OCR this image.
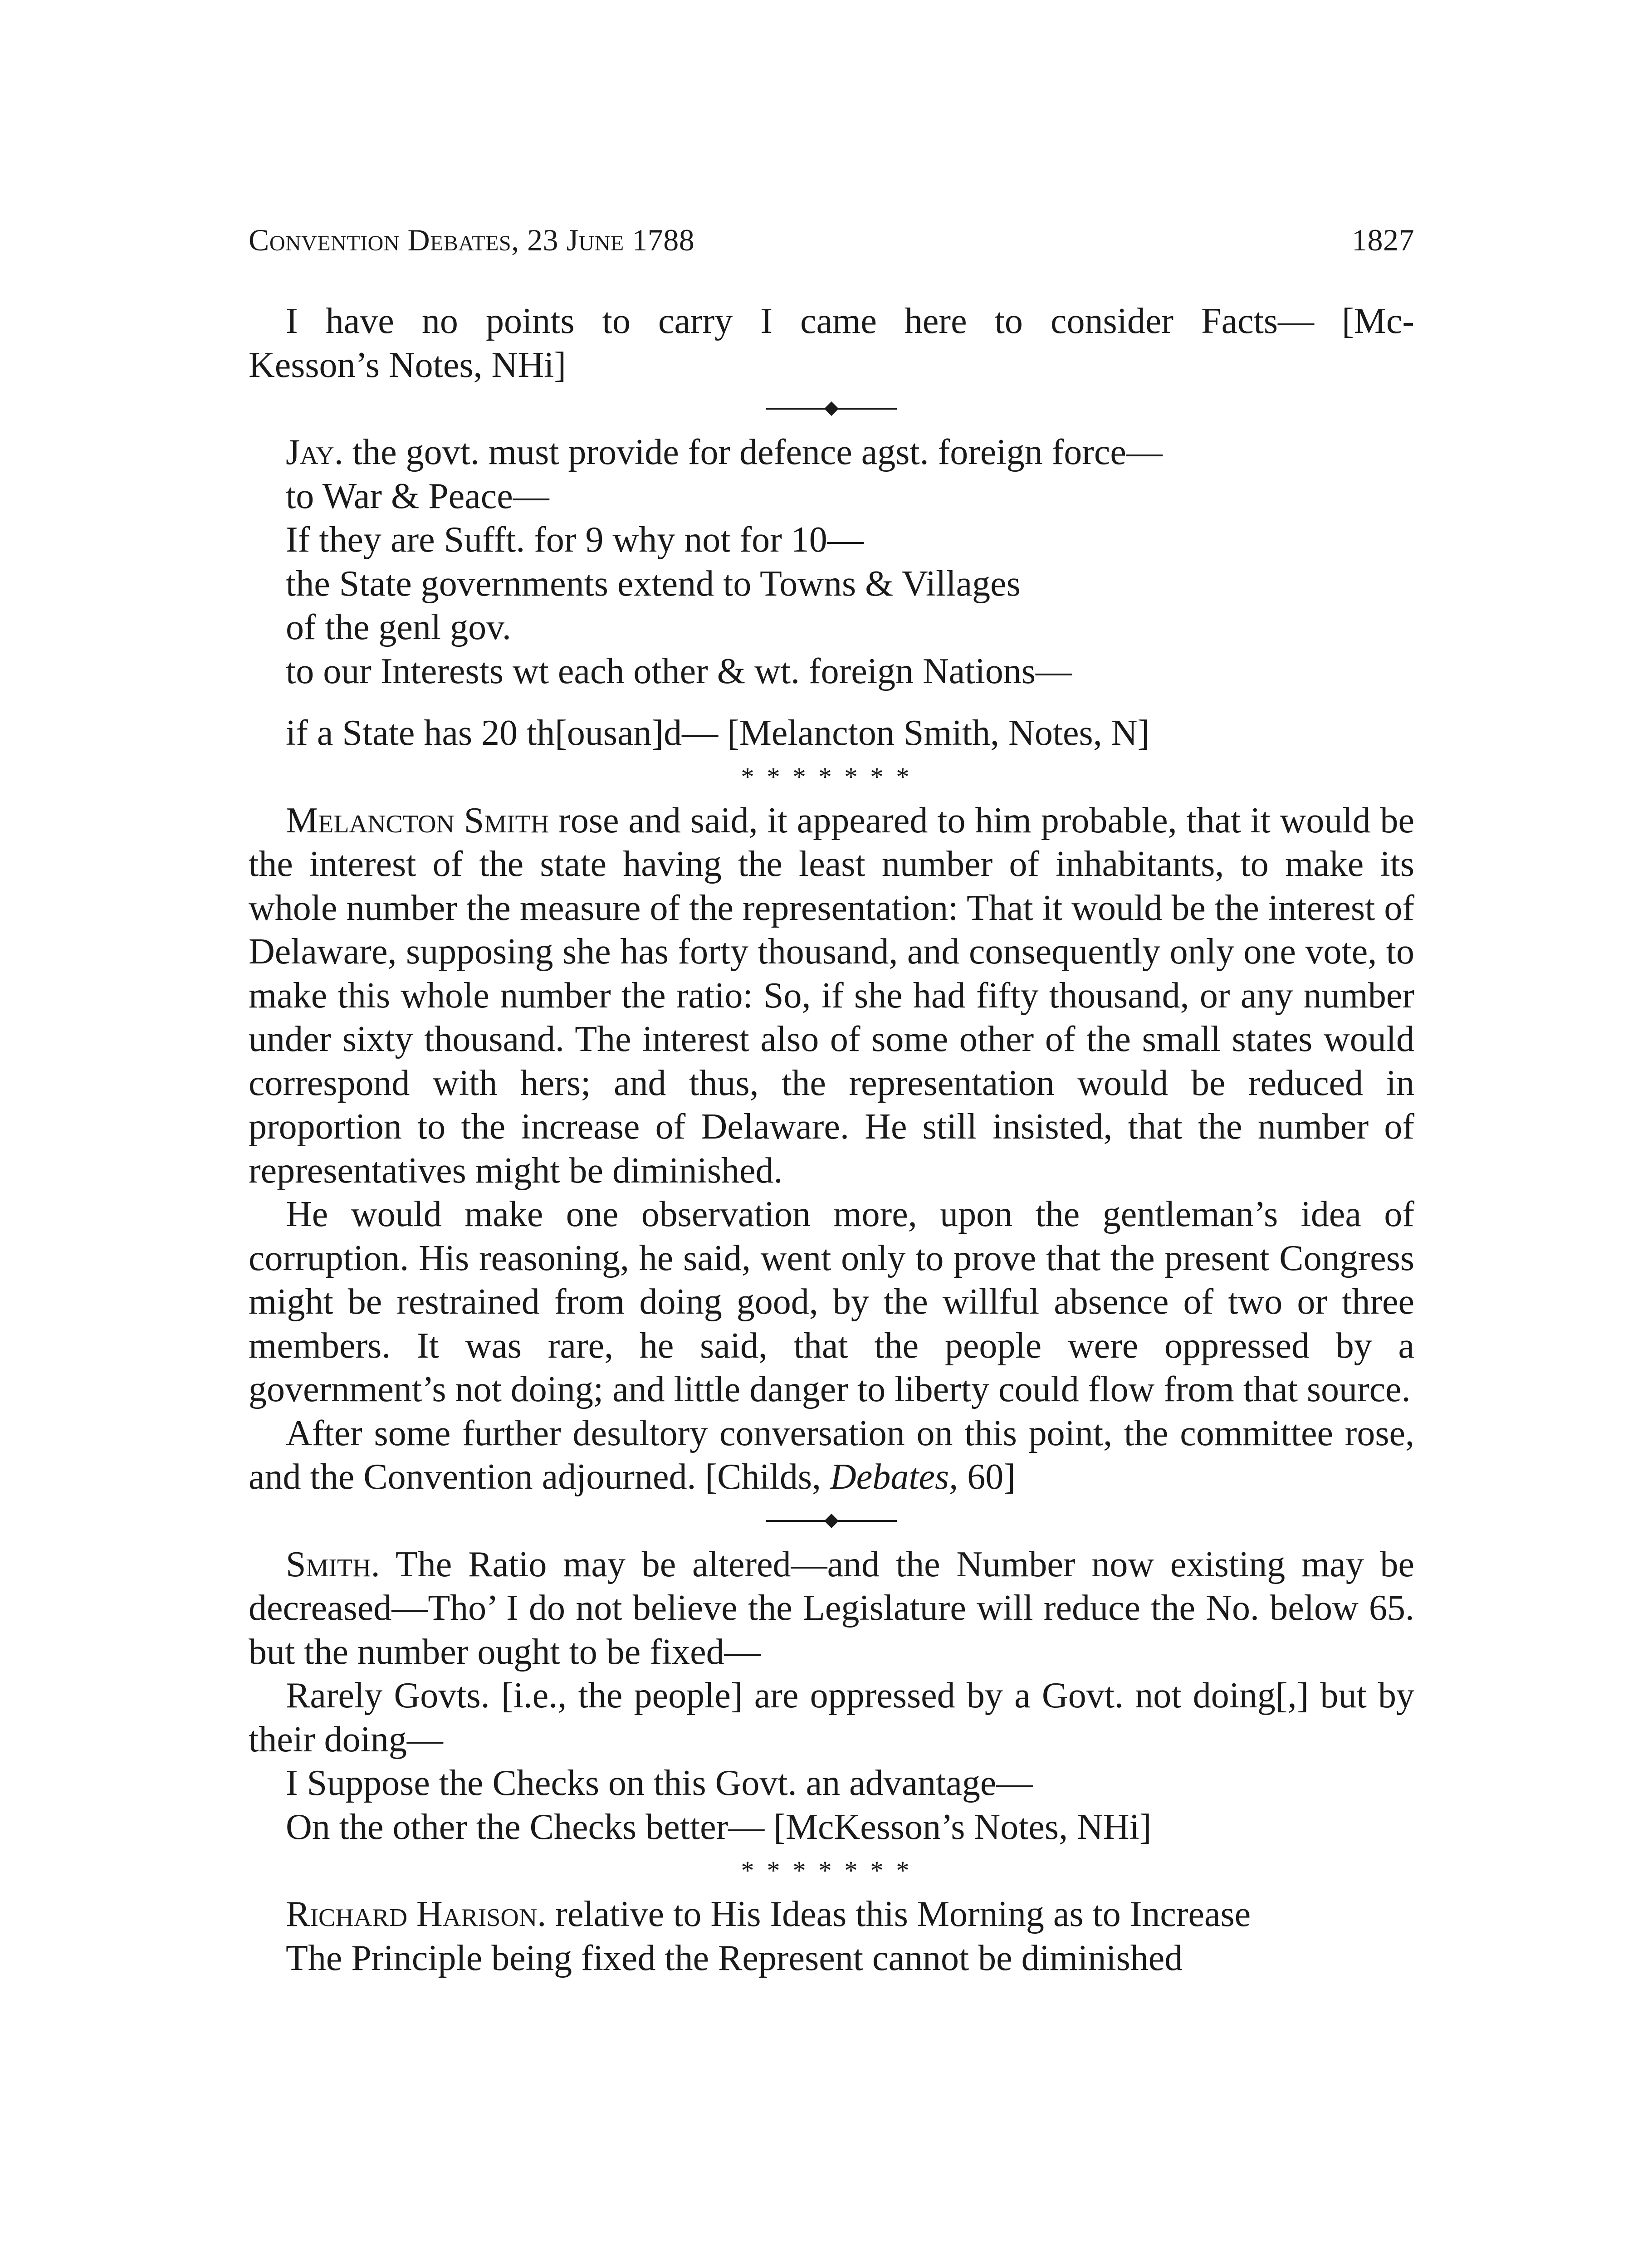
Convention Debates, 23 June 1788	1827

I have no points to carry I came here to consider Facts— [Mc-

Kesson’s Notes, NHi]

Jay. the govt. must provide for defence agst. foreign force—
to War & Peace—
If they are Sufft. for 9 why not for 10—
the State governments extend to Towns & Villages
of the genl gov.
to our Interests wt each other & wt. foreign Nations—
if a State has 20 th[ousan]d— [Melancton Smith, Notes, N]
*******

Melancton Smith rose and said, it appeared to him probable, that it would be the interest of the state having the least number of inhabitants, to make its whole number the measure of the representation: That it would be the interest of Delaware, supposing she has forty thousand, and consequently only one vote, to make this whole number the ratio: So, if she had fifty thousand, or any number under sixty thousand. The interest also of some other of the small states would correspond with hers; and thus, the representation would be reduced in proportion to the increase of Delaware. He still insisted, that the number of representatives might be diminished.

He would make one observation more, upon the gentleman’s idea of corruption. His reasoning, he said, went only to prove that the present Congress might be restrained from doing good, by the willful absence of two or three members. It was rare, he said, that the people were oppressed by a government’s not doing; and little danger to liberty could flow from that source.

After some further desultory conversation on this point, the committee rose, and the Convention adjourned. [Childs, Debates, 60]

Smith. The Ratio may be altered—and the Number now existing may be decreased—Tho’ I do not believe the Legislature will reduce the No. below 65. but the number ought to be fixed—

Rarely Govts. [i.e., the people] are oppressed by a Govt. not doing[,] but by their doing—

I Suppose the Checks on this Govt. an advantage—

On the other the Checks better— [McKesson’s Notes, NHi]

*******

Richard Harison. relative to His Ideas this Morning as to Increase

The Principle being fixed the Represent cannot be diminished
